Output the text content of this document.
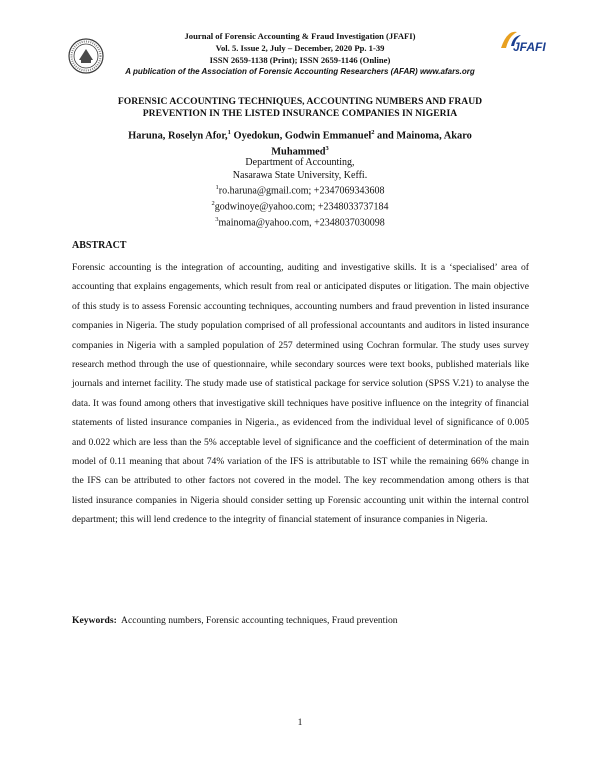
JFAFI
Journal of Forensic Accounting & Fraud Investigation (JFAFI)
Vol. 5. Issue 2, July – December, 2020 Pp. 1-39
ISSN 2659-1138 (Print); ISSN 2659-1146 (Online)
A publication of the Association of Forensic Accounting Researchers (AFAR) www.afars.org
FORENSIC ACCOUNTING TECHNIQUES, ACCOUNTING NUMBERS AND FRAUD
PREVENTION IN THE LISTED INSURANCE COMPANIES IN NIGERIA
Haruna, Roselyn Afor,$^1$ Oyedokun, Godwin Emmanuel$^2$ and Mainoma, Akaro
Muhammed$^3$
Department of Accounting,
Nasarawa State University, Keffi.
$^1$ro.haruna@gmail.com; +2347069343608
$^2$godwinoye@yahoo.com; +2348033737184
$^3$mainoma@yahoo.com, +2348037030098
ABSTRACT

Forensic accounting is the integration of accounting, auditing and investigative skills. It is a ‘specialised’ area of accounting that explains engagements, which result from real or anticipated disputes or litigation. The main objective of this study is to assess Forensic accounting techniques, accounting numbers and fraud prevention in listed insurance companies in Nigeria. The study population comprised of all professional accountants and auditors in listed insurance companies in Nigeria with a sampled population of 257 determined using Cochran formular. The study uses survey research method through the use of questionnaire, while secondary sources were text books, published materials like journals and internet facility. The study made use of statistical package for service solution (SPSS V.21) to analyse the data. It was found among others that investigative skill techniques have positive influence on the integrity of financial statements of listed insurance companies in Nigeria., as evidenced from the individual level of significance of 0.005 and 0.022 which are less than the 5% acceptable level of significance and the coefficient of determination of the main model of 0.11 meaning that about 74% variation of the IFS is attributable to IST while the remaining 66% change in the IFS can be attributed to other factors not covered in the model. The key recommendation among others is that listed insurance companies in Nigeria should consider setting up Forensic accounting unit within the internal control department; this will lend credence to the integrity of financial statement of insurance companies in Nigeria.

Keywords: Accounting numbers, Forensic accounting techniques, Fraud prevention
1
